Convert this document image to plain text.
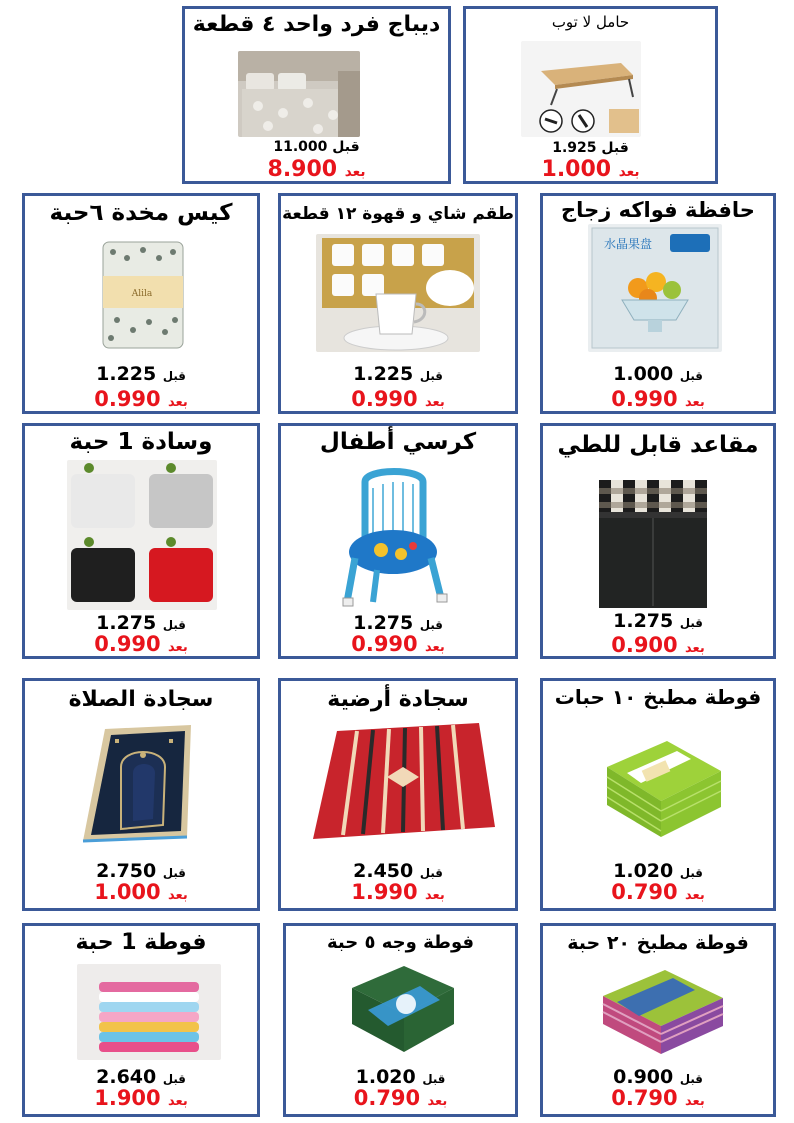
ديباج فرد واحد ٤ قطعة
قبل 11.000
بعد 8.900
حامل لا توب
قبل 1.925
بعد 1.000
كيس مخدة ٦حبة
Alila
قبل 1.225
بعد 0.990
طقم شاي و قهوة ١٢ قطعة
قبل 1.225
بعد 0.990
حافظة فواكه زجاج
水晶果盘
قبل 1.000
بعد 0.990
وسادة 1 حبة
قبل 1.275
بعد 0.990
كرسي أطفال
قبل 1.275
بعد 0.990
مقاعد قابل للطي
قبل 1.275
بعد 0.900
سجادة الصلاة
قبل 2.750
بعد 1.000
سجادة أرضية
قبل 2.450
بعد 1.990
فوطة مطبخ ١٠ حبات
قبل 1.020
بعد 0.790
فوطة 1 حبة
قبل 2.640
بعد 1.900
فوطة وجه ٥ حبة
قبل 1.020
بعد 0.790
فوطة مطبخ ٢٠ حبة
قبل 0.900
بعد 0.790
